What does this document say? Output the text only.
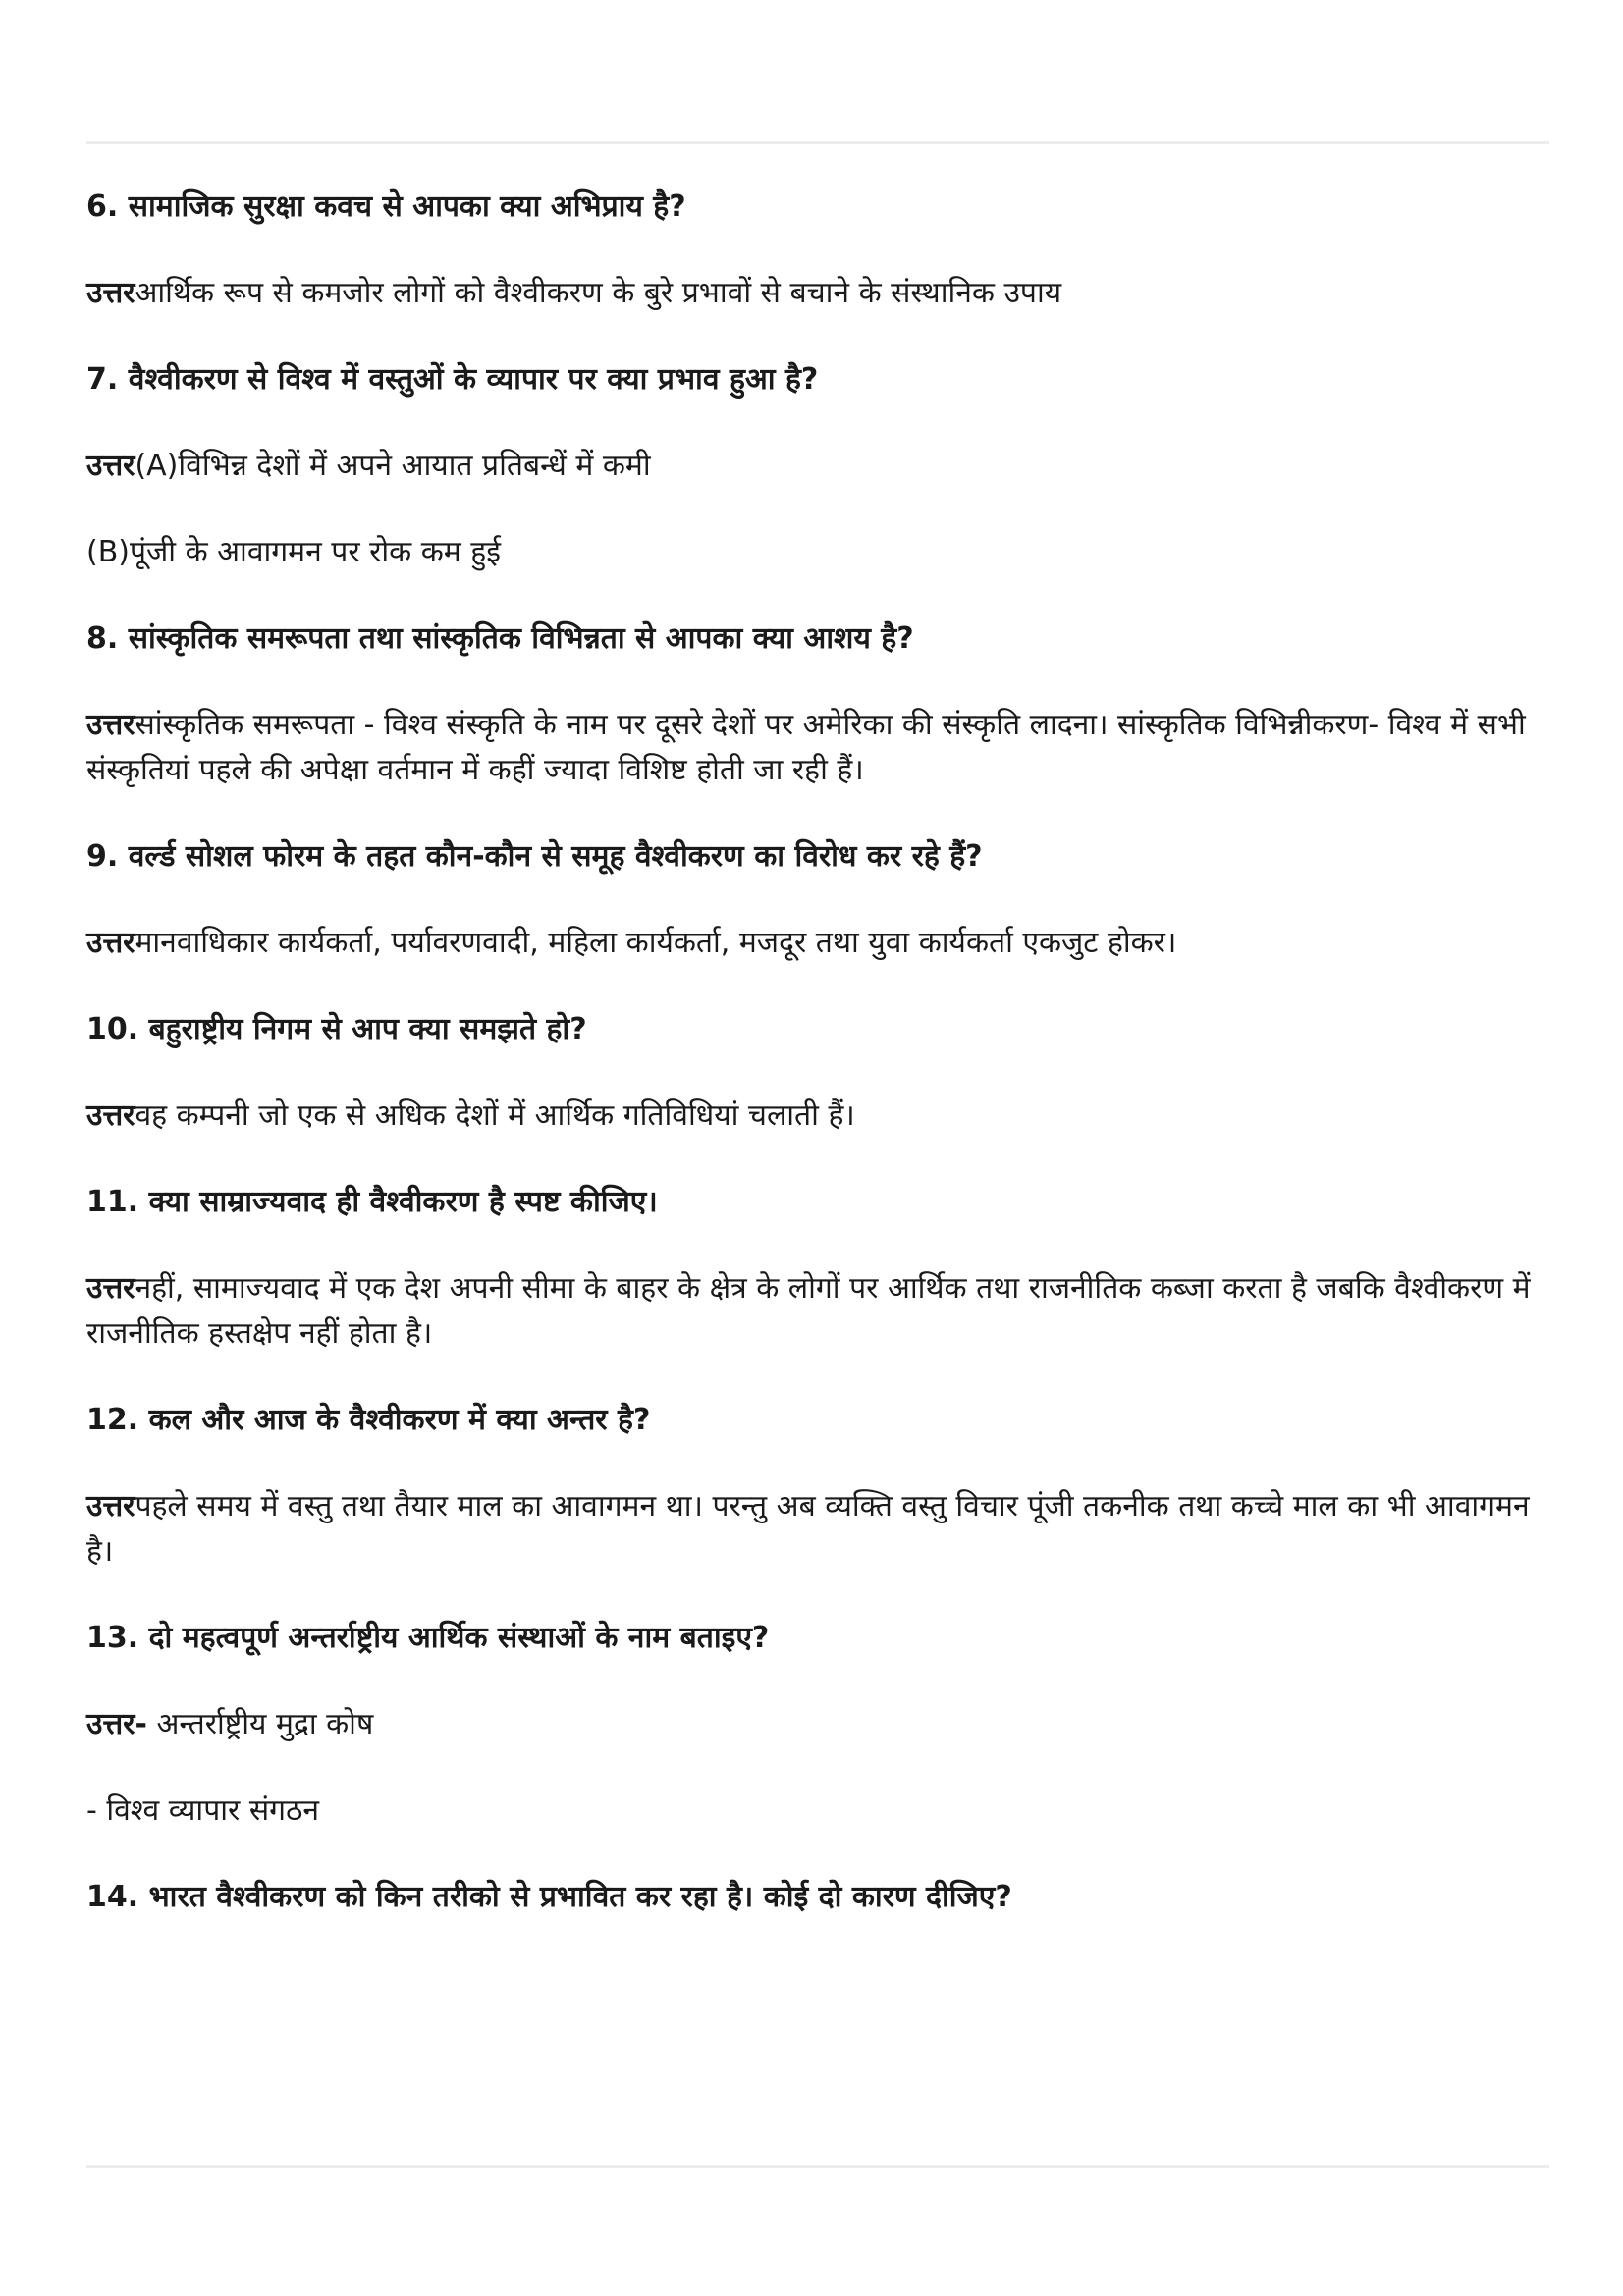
6. सामाजिक सुरक्षा कवच से आपका क्या अभिप्राय है?
उत्तरआर्थिक रूप से कमजोर लोगों को वैश्वीकरण के बुरे प्रभावों से बचाने के संस्थानिक उपाय
7. वैश्वीकरण से विश्व में वस्तुओं के व्यापार पर क्या प्रभाव हुआ है?
उत्तर(A)विभिन्न देशों में अपने आयात प्रतिबन्धें में कमी
(B)पूंजी के आवागमन पर रोक कम हुई
8. सांस्कृतिक समरूपता तथा सांस्कृतिक विभिन्नता से आपका क्या आशय है?
उत्तरसांस्कृतिक समरूपता - विश्व संस्कृति के नाम पर दूसरे देशों पर अमेरिका की संस्कृति लादना। सांस्कृतिक विभिन्नीकरण- विश्व में सभी संस्कृतियां पहले की अपेक्षा वर्तमान में कहीं ज्यादा विशिष्ट होती जा रही हैं।
9. वर्ल्ड सोशल फोरम के तहत कौन-कौन से समूह वैश्वीकरण का विरोध कर रहे हैं?
उत्तरमानवाधिकार कार्यकर्ता, पर्यावरणवादी, महिला कार्यकर्ता, मजदूर तथा युवा कार्यकर्ता एकजुट होकर।
10. बहुराष्ट्रीय निगम से आप क्या समझते हो?
उत्तरवह कम्पनी जो एक से अधिक देशों में आर्थिक गतिविधियां चलाती हैं।
11. क्या साम्राज्यवाद ही वैश्वीकरण है स्पष्ट कीजिए।
उत्तरनहीं, सामाज्यवाद में एक देश अपनी सीमा के बाहर के क्षेत्र के लोगों पर आर्थिक तथा राजनीतिक कब्जा करता है जबकि वैश्वीकरण में राजनीतिक हस्तक्षेप नहीं होता है।
12. कल और आज के वैश्वीकरण में क्या अन्तर है?
उत्तरपहले समय में वस्तु तथा तैयार माल का आवागमन था। परन्तु अब व्यक्ति वस्तु विचार पूंजी तकनीक तथा कच्चे माल का भी आवागमन है।
13. दो महत्वपूर्ण अन्तर्राष्ट्रीय आर्थिक संस्थाओं के नाम बताइए?
उत्तर- अन्तर्राष्ट्रीय मुद्रा कोष
- विश्व व्यापार संगठन
14. भारत वैश्वीकरण को किन तरीको से प्रभावित कर रहा है। कोई दो कारण दीजिए?
